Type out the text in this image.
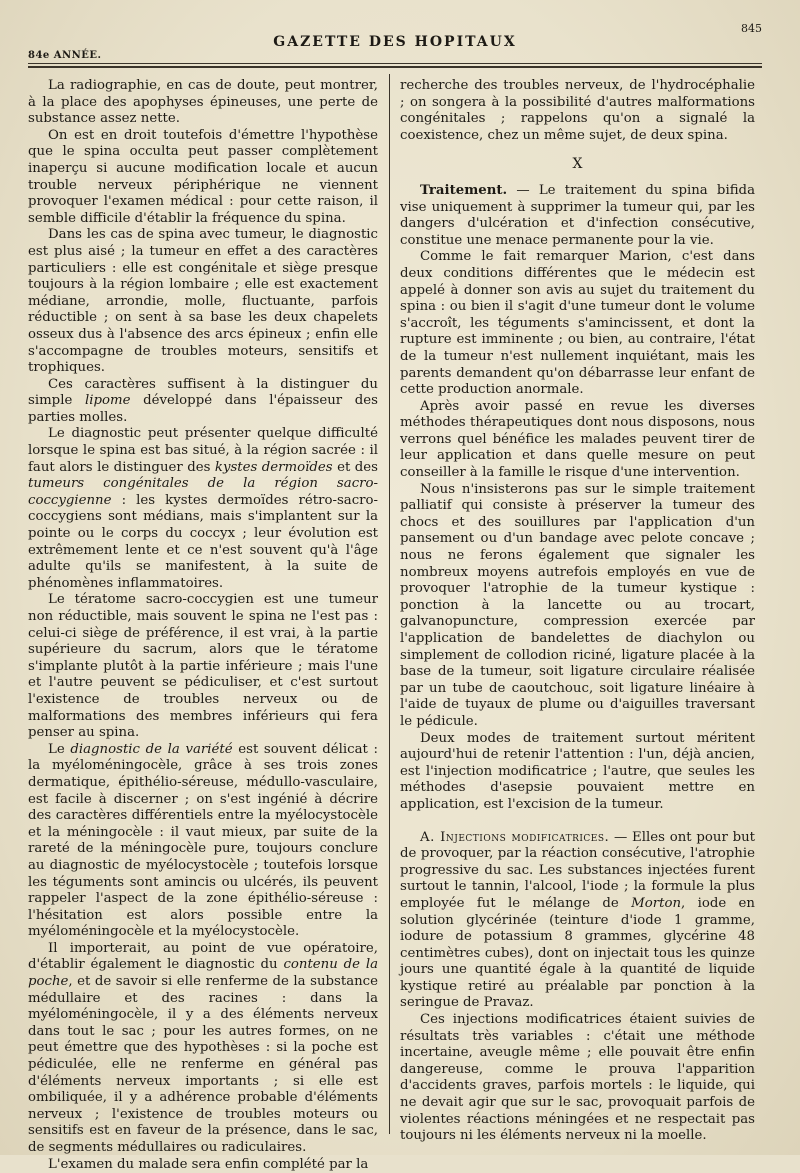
84e ANNÉE.
GAZETTE DES HOPITAUX
845

La radiographie, en cas de doute, peut montrer, à la place des apophyses épineuses, une perte de substance assez nette.

On est en droit toutefois d'émettre l'hypothèse que le spina occulta peut passer complètement inaperçu si aucune modification locale et aucun trouble nerveux périphérique ne viennent provoquer l'examen médical : pour cette raison, il semble difficile d'établir la fréquence du spina.

Dans les cas de spina avec tumeur, le diagnostic est plus aisé ; la tumeur en effet a des caractères particuliers : elle est congénitale et siège presque toujours à la région lombaire ; elle est exactement médiane, arrondie, molle, fluctuante, parfois réductible ; on sent à sa base les deux chapelets osseux dus à l'absence des arcs épineux ; enfin elle s'accompagne de troubles moteurs, sensitifs et trophiques.

Ces caractères suffisent à la distinguer du simple lipome développé dans l'épaisseur des parties molles.

Le diagnostic peut présenter quelque difficulté lorsque le spina est bas situé, à la région sacrée : il faut alors le distinguer des kystes dermoïdes et des tumeurs congénitales de la région sacro-coccygienne : les kystes dermoïdes rétro-sacro-coccygiens sont médians, mais s'implantent sur la pointe ou le corps du coccyx ; leur évolution est extrêmement lente et ce n'est souvent qu'à l'âge adulte qu'ils se manifestent, à la suite de phénomènes inflammatoires.

Le tératome sacro-coccygien est une tumeur non réductible, mais souvent le spina ne l'est pas : celui-ci siège de préférence, il est vrai, à la partie supérieure du sacrum, alors que le tératome s'implante plutôt à la partie inférieure ; mais l'une et l'autre peuvent se pédiculiser, et c'est surtout l'existence de troubles nerveux ou de malformations des membres inférieurs qui fera penser au spina.

Le diagnostic de la variété est souvent délicat : la myéloméningocèle, grâce à ses trois zones dermatique, épithélio-séreuse, médullo-vasculaire, est facile à discerner ; on s'est ingénié à décrire des caractères différentiels entre la myélocystocèle et la méningocèle : il vaut mieux, par suite de la rareté de la méningocèle pure, toujours conclure au diagnostic de myélocystocèle ; toutefois lorsque les téguments sont amincis ou ulcérés, ils peuvent rappeler l'aspect de la zone épithélio-séreuse : l'hésitation est alors possible entre la myéloméningocèle et la myélocystocèle.

Il importerait, au point de vue opératoire, d'établir également le diagnostic du contenu de la poche, et de savoir si elle renferme de la substance médullaire et des racines : dans la myéloméningocèle, il y a des éléments nerveux dans tout le sac ; pour les autres formes, on ne peut émettre que des hypothèses : si la poche est pédiculée, elle ne renferme en général pas d'éléments nerveux importants ; si elle est ombiliquée, il y a adhérence probable d'éléments nerveux ; l'existence de troubles moteurs ou sensitifs est en faveur de la présence, dans le sac, de segments médullaires ou radiculaires.

L'examen du malade sera enfin complété par la

recherche des troubles nerveux, de l'hydrocéphalie ; on songera à la possibilité d'autres malformations congénitales ; rappelons qu'on a signalé la coexistence, chez un même sujet, de deux spina.

X

Traitement. — Le traitement du spina bifida vise uniquement à supprimer la tumeur qui, par les dangers d'ulcération et d'infection consécutive, constitue une menace permanente pour la vie.

Comme le fait remarquer Marion, c'est dans deux conditions différentes que le médecin est appelé à donner son avis au sujet du traitement du spina : ou bien il s'agit d'une tumeur dont le volume s'accroît, les téguments s'amincissent, et dont la rupture est imminente ; ou bien, au contraire, l'état de la tumeur n'est nullement inquiétant, mais les parents demandent qu'on débarrasse leur enfant de cette production anormale.

Après avoir passé en revue les diverses méthodes thérapeutiques dont nous disposons, nous verrons quel bénéfice les malades peuvent tirer de leur application et dans quelle mesure on peut conseiller à la famille le risque d'une intervention.

Nous n'insisterons pas sur le simple traitement palliatif qui consiste à préserver la tumeur des chocs et des souillures par l'application d'un pansement ou d'un bandage avec pelote concave ; nous ne ferons également que signaler les nombreux moyens autrefois employés en vue de provoquer l'atrophie de la tumeur kystique : ponction à la lancette ou au trocart, galvanopuncture, compression exercée par l'application de bandelettes de diachylon ou simplement de collodion riciné, ligature placée à la base de la tumeur, soit ligature circulaire réalisée par un tube de caoutchouc, soit ligature linéaire à l'aide de tuyaux de plume ou d'aiguilles traversant le pédicule.

Deux modes de traitement surtout méritent aujourd'hui de retenir l'attention : l'un, déjà ancien, est l'injection modificatrice ; l'autre, que seules les méthodes d'asepsie pouvaient mettre en application, est l'excision de la tumeur.

A. Injections modificatrices. — Elles ont pour but de provoquer, par la réaction consécutive, l'atrophie progressive du sac. Les substances injectées furent surtout le tannin, l'alcool, l'iode ; la formule la plus employée fut le mélange de Morton, iode en solution glycérinée (teinture d'iode 1 gramme, iodure de potassium 8 grammes, glycérine 48 centimètres cubes), dont on injectait tous les quinze jours une quantité égale à la quantité de liquide kystique retiré au préalable par ponction à la seringue de Pravaz.

Ces injections modificatrices étaient suivies de résultats très variables : c'était une méthode incertaine, aveugle même ; elle pouvait être enfin dangereuse, comme le prouva l'apparition d'accidents graves, parfois mortels : le liquide, qui ne devait agir que sur le sac, provoquait parfois de violentes réactions méningées et ne respectait pas toujours ni les éléments nerveux ni la moelle.
